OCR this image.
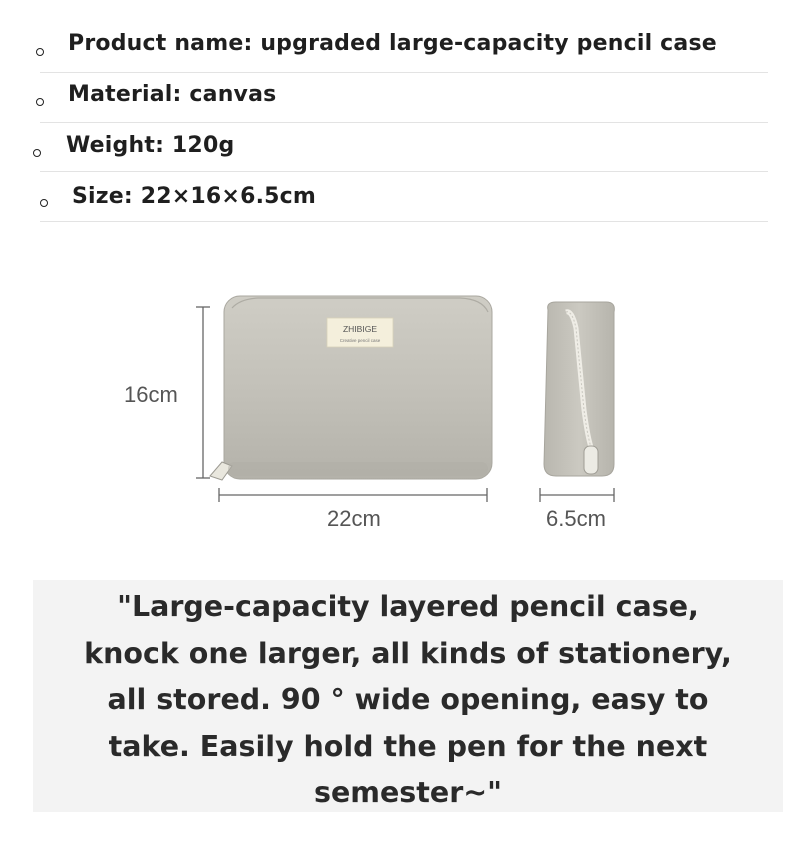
Product name: upgraded large-capacity pencil case
Material: canvas
Weight: 120g
Size: 22×16×6.5cm
ZHIBIGE
Creative pencil case
16cm
22cm	6.5cm
"Large-capacity layered pencil case,
knock one larger, all kinds of stationery,
all stored. 90 ° wide opening, easy to
take. Easily hold the pen for the next
semester~"
